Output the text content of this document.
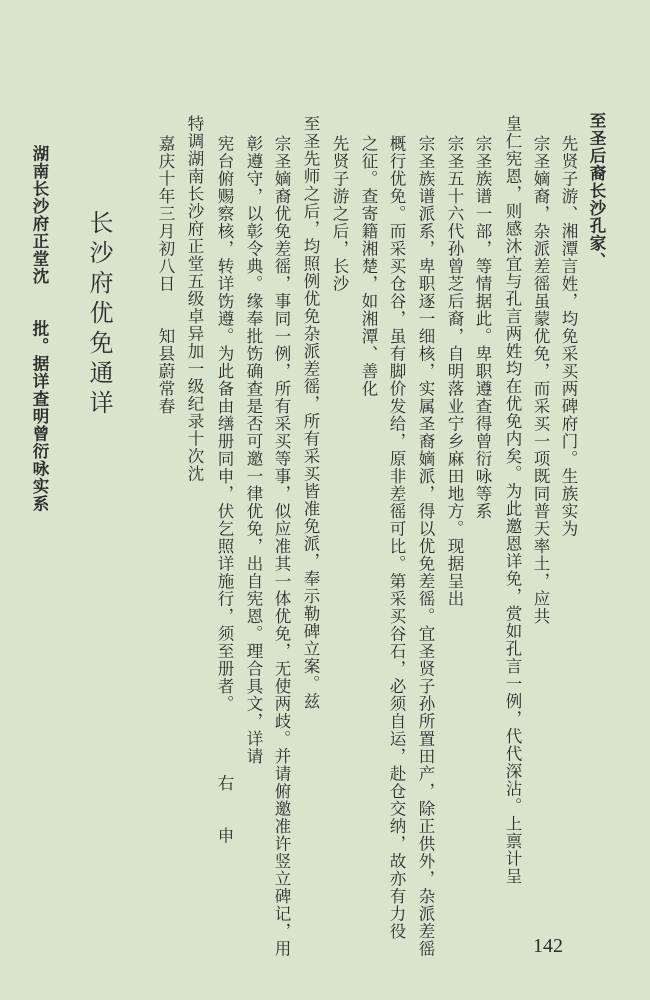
至圣后裔长沙孔家、
先贤子游、湘潭言姓，均免采买两碑府门。生族实为
宗圣嫡裔，杂派差徭虽蒙优免，而采买一项既同普天率土，应共
皇仁宪恩，则感沐宜与孔言两姓均在优免内矣。为此邀恩详免，赏如孔言一例，代代深沾。上禀计呈
宗圣族谱一部，等情据此。卑职遵查得曾衍咏等系
宗圣五十六代孙曾芝后裔，自明落业宁乡麻田地方。现据呈出
宗圣族谱派系，卑职逐一细核，实属圣裔嫡派，得以优免差徭。宜圣贤子孙所置田产，除正供外，杂派差徭
概行优免。而采买仓谷，虽有脚价发给，原非差徭可比。第采买谷石，必须自运，赴仓交纳，故亦有力役
之征。查寄籍湘楚，如湘潭、善化
先贤子游之后，长沙
至圣先师之后，均照例优免杂派差徭，所有采买皆准免派，奉示勒碑立案。兹
宗圣嫡裔优免差徭，事同一例，所有采买等事，似应准其一体优免，无使两歧。并请俯邀准许竖立碑记，用
彰遵守，以彰令典。缘奉批饬确查是否可邀一律优免，出自宪恩。理合具文，详请
宪台俯赐察核，转详饬遵。为此备由缮册同申，伏乞照详施行，须至册者。　　　　右　　申
特调湖南长沙府正堂五级卓异加一级纪录十次沈
嘉庆十年三月初八日　　知县蔚常春
长沙府优免通详
湖南长沙府正堂沈　　批。据详查明曾衍咏实系
142
